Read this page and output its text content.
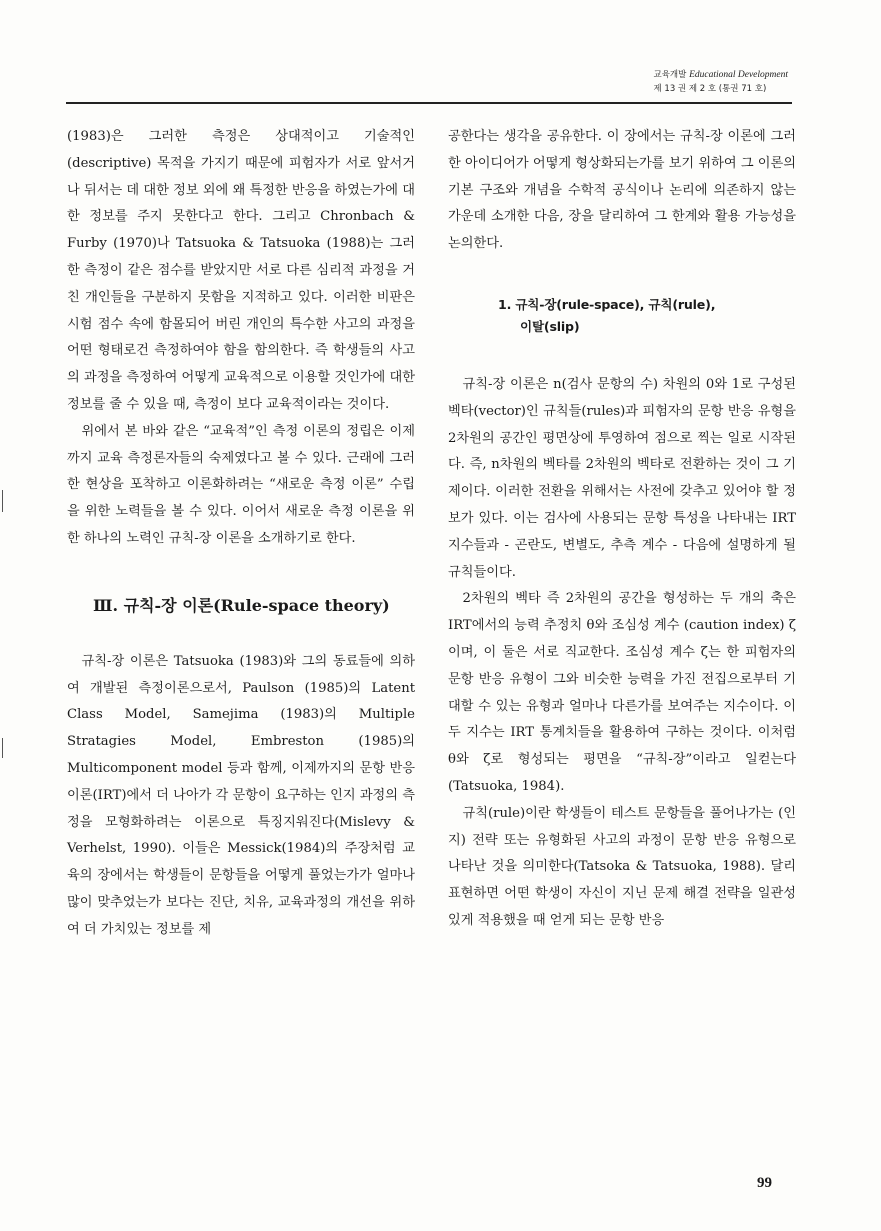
교육개발 Educational Development
제 13 권 제 2 호 (통권 71 호)

(1983)은 그러한 측정은 상대적이고 기술적인 (descriptive) 목적을 가지기 때문에 피험자가 서로 앞서거나 뒤서는 데 대한 정보 외에 왜 특정한 반응을 하였는가에 대한 정보를 주지 못한다고 한다. 그리고 Chronbach & Furby (1970)나 Tatsuoka & Tatsuoka (1988)는 그러한 측정이 같은 점수를 받았지만 서로 다른 심리적 과정을 거친 개인들을 구분하지 못함을 지적하고 있다. 이러한 비판은 시험 점수 속에 함몰되어 버린 개인의 특수한 사고의 과정을 어떤 형태로건 측정하여야 함을 함의한다. 즉 학생들의 사고의 과정을 측정하여 어떻게 교육적으로 이용할 것인가에 대한 정보를 줄 수 있을 때, 측정이 보다 교육적이라는 것이다.

위에서 본 바와 같은 “교육적”인 측정 이론의 정립은 이제까지 교육 측정론자들의 숙제였다고 볼 수 있다. 근래에 그러한 현상을 포착하고 이론화하려는 “새로운 측정 이론” 수립을 위한 노력들을 볼 수 있다. 이어서 새로운 측정 이론을 위한 하나의 노력인 규칙-장 이론을 소개하기로 한다.

Ⅲ. 규칙-장 이론(Rule-space theory)

규칙-장 이론은 Tatsuoka (1983)와 그의 동료들에 의하여 개발된 측정이론으로서, Paulson (1985)의 Latent Class Model, Samejima (1983)의 Multiple Stratagies Model, Embreston (1985)의 Multicomponent model 등과 함께, 이제까지의 문항 반응 이론(IRT)에서 더 나아가 각 문항이 요구하는 인지 과정의 측정을 모형화하려는 이론으로 특징지워진다(Mislevy & Verhelst, 1990). 이들은 Messick(1984)의 주장처럼 교육의 장에서는 학생들이 문항들을 어떻게 풀었는가가 얼마나 많이 맞추었는가 보다는 진단, 치유, 교육과정의 개선을 위하여 더 가치있는 정보를 제

공한다는 생각을 공유한다. 이 장에서는 규칙-장 이론에 그러한 아이디어가 어떻게 형상화되는가를 보기 위하여 그 이론의 기본 구조와 개념을 수학적 공식이나 논리에 의존하지 않는 가운데 소개한 다음, 장을 달리하여 그 한계와 활용 가능성을 논의한다.

1. 규칙-장(rule-space), 규칙(rule),
이탈(slip)

규칙-장 이론은 n(검사 문항의 수) 차원의 0와 1로 구성된 벡타(vector)인 규칙들(rules)과 피험자의 문항 반응 유형을 2차원의 공간인 평면상에 투영하여 점으로 찍는 일로 시작된다. 즉, n차원의 벡타를 2차원의 벡타로 전환하는 것이 그 기제이다. 이러한 전환을 위해서는 사전에 갖추고 있어야 할 정보가 있다. 이는 검사에 사용되는 문항 특성을 나타내는 IRT 지수들과 - 곤란도, 변별도, 추측 계수 - 다음에 설명하게 될 규칙들이다.

2차원의 벡타 즉 2차원의 공간을 형성하는 두 개의 축은 IRT에서의 능력 추정치 θ와 조심성 계수 (caution index) ζ이며, 이 둘은 서로 직교한다. 조심성 계수 ζ는 한 피험자의 문항 반응 유형이 그와 비슷한 능력을 가진 전집으로부터 기대할 수 있는 유형과 얼마나 다른가를 보여주는 지수이다. 이 두 지수는 IRT 통계치들을 활용하여 구하는 것이다. 이처럼 θ와 ζ로 형성되는 평면을 “규칙-장”이라고 일컫는다 (Tatsuoka, 1984).

규칙(rule)이란 학생들이 테스트 문항들을 풀어나가는 (인지) 전략 또는 유형화된 사고의 과정이 문항 반응 유형으로 나타난 것을 의미한다(Tatsoka & Tatsuoka, 1988). 달리 표현하면 어떤 학생이 자신이 지닌 문제 해결 전략을 일관성 있게 적용했을 때 얻게 되는 문항 반응

99
